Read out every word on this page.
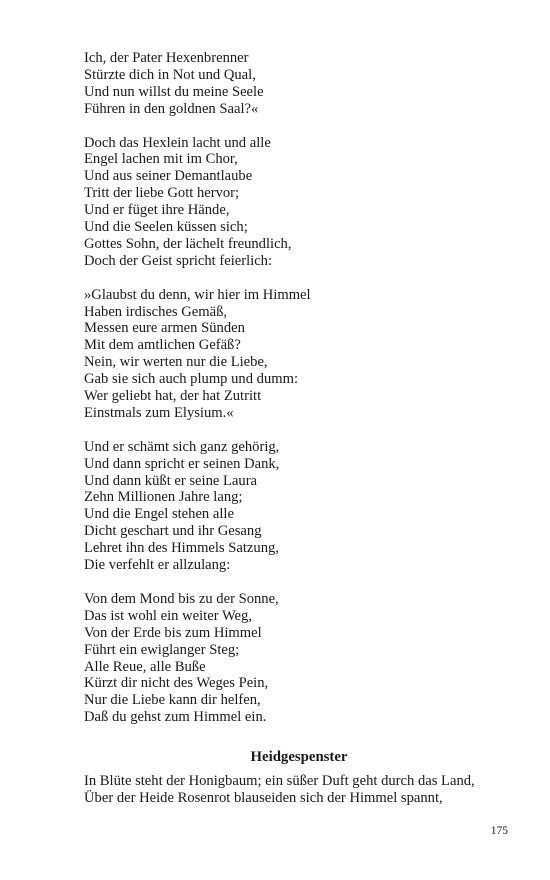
Ich, der Pater Hexenbrenner
Stürzte dich in Not und Qual,
Und nun willst du meine Seele
Führen in den goldnen Saal?«
Doch das Hexlein lacht und alle
Engel lachen mit im Chor,
Und aus seiner Demantlaube
Tritt der liebe Gott hervor;
Und er füget ihre Hände,
Und die Seelen küssen sich;
Gottes Sohn, der lächelt freundlich,
Doch der Geist spricht feierlich:
»Glaubst du denn, wir hier im Himmel
Haben irdisches Gemäß,
Messen eure armen Sünden
Mit dem amtlichen Gefäß?
Nein, wir werten nur die Liebe,
Gab sie sich auch plump und dumm:
Wer geliebt hat, der hat Zutritt
Einstmals zum Elysium.«
Und er schämt sich ganz gehörig,
Und dann spricht er seinen Dank,
Und dann küßt er seine Laura
Zehn Millionen Jahre lang;
Und die Engel stehen alle
Dicht geschart und ihr Gesang
Lehret ihn des Himmels Satzung,
Die verfehlt er allzulang:
Von dem Mond bis zu der Sonne,
Das ist wohl ein weiter Weg,
Von der Erde bis zum Himmel
Führt ein ewiglanger Steg;
Alle Reue, alle Buße
Kürzt dir nicht des Weges Pein,
Nur die Liebe kann dir helfen,
Daß du gehst zum Himmel ein.
Heidgespenster
In Blüte steht der Honigbaum; ein süßer Duft geht durch das Land,
Über der Heide Rosenrot blauseiden sich der Himmel spannt,
175
